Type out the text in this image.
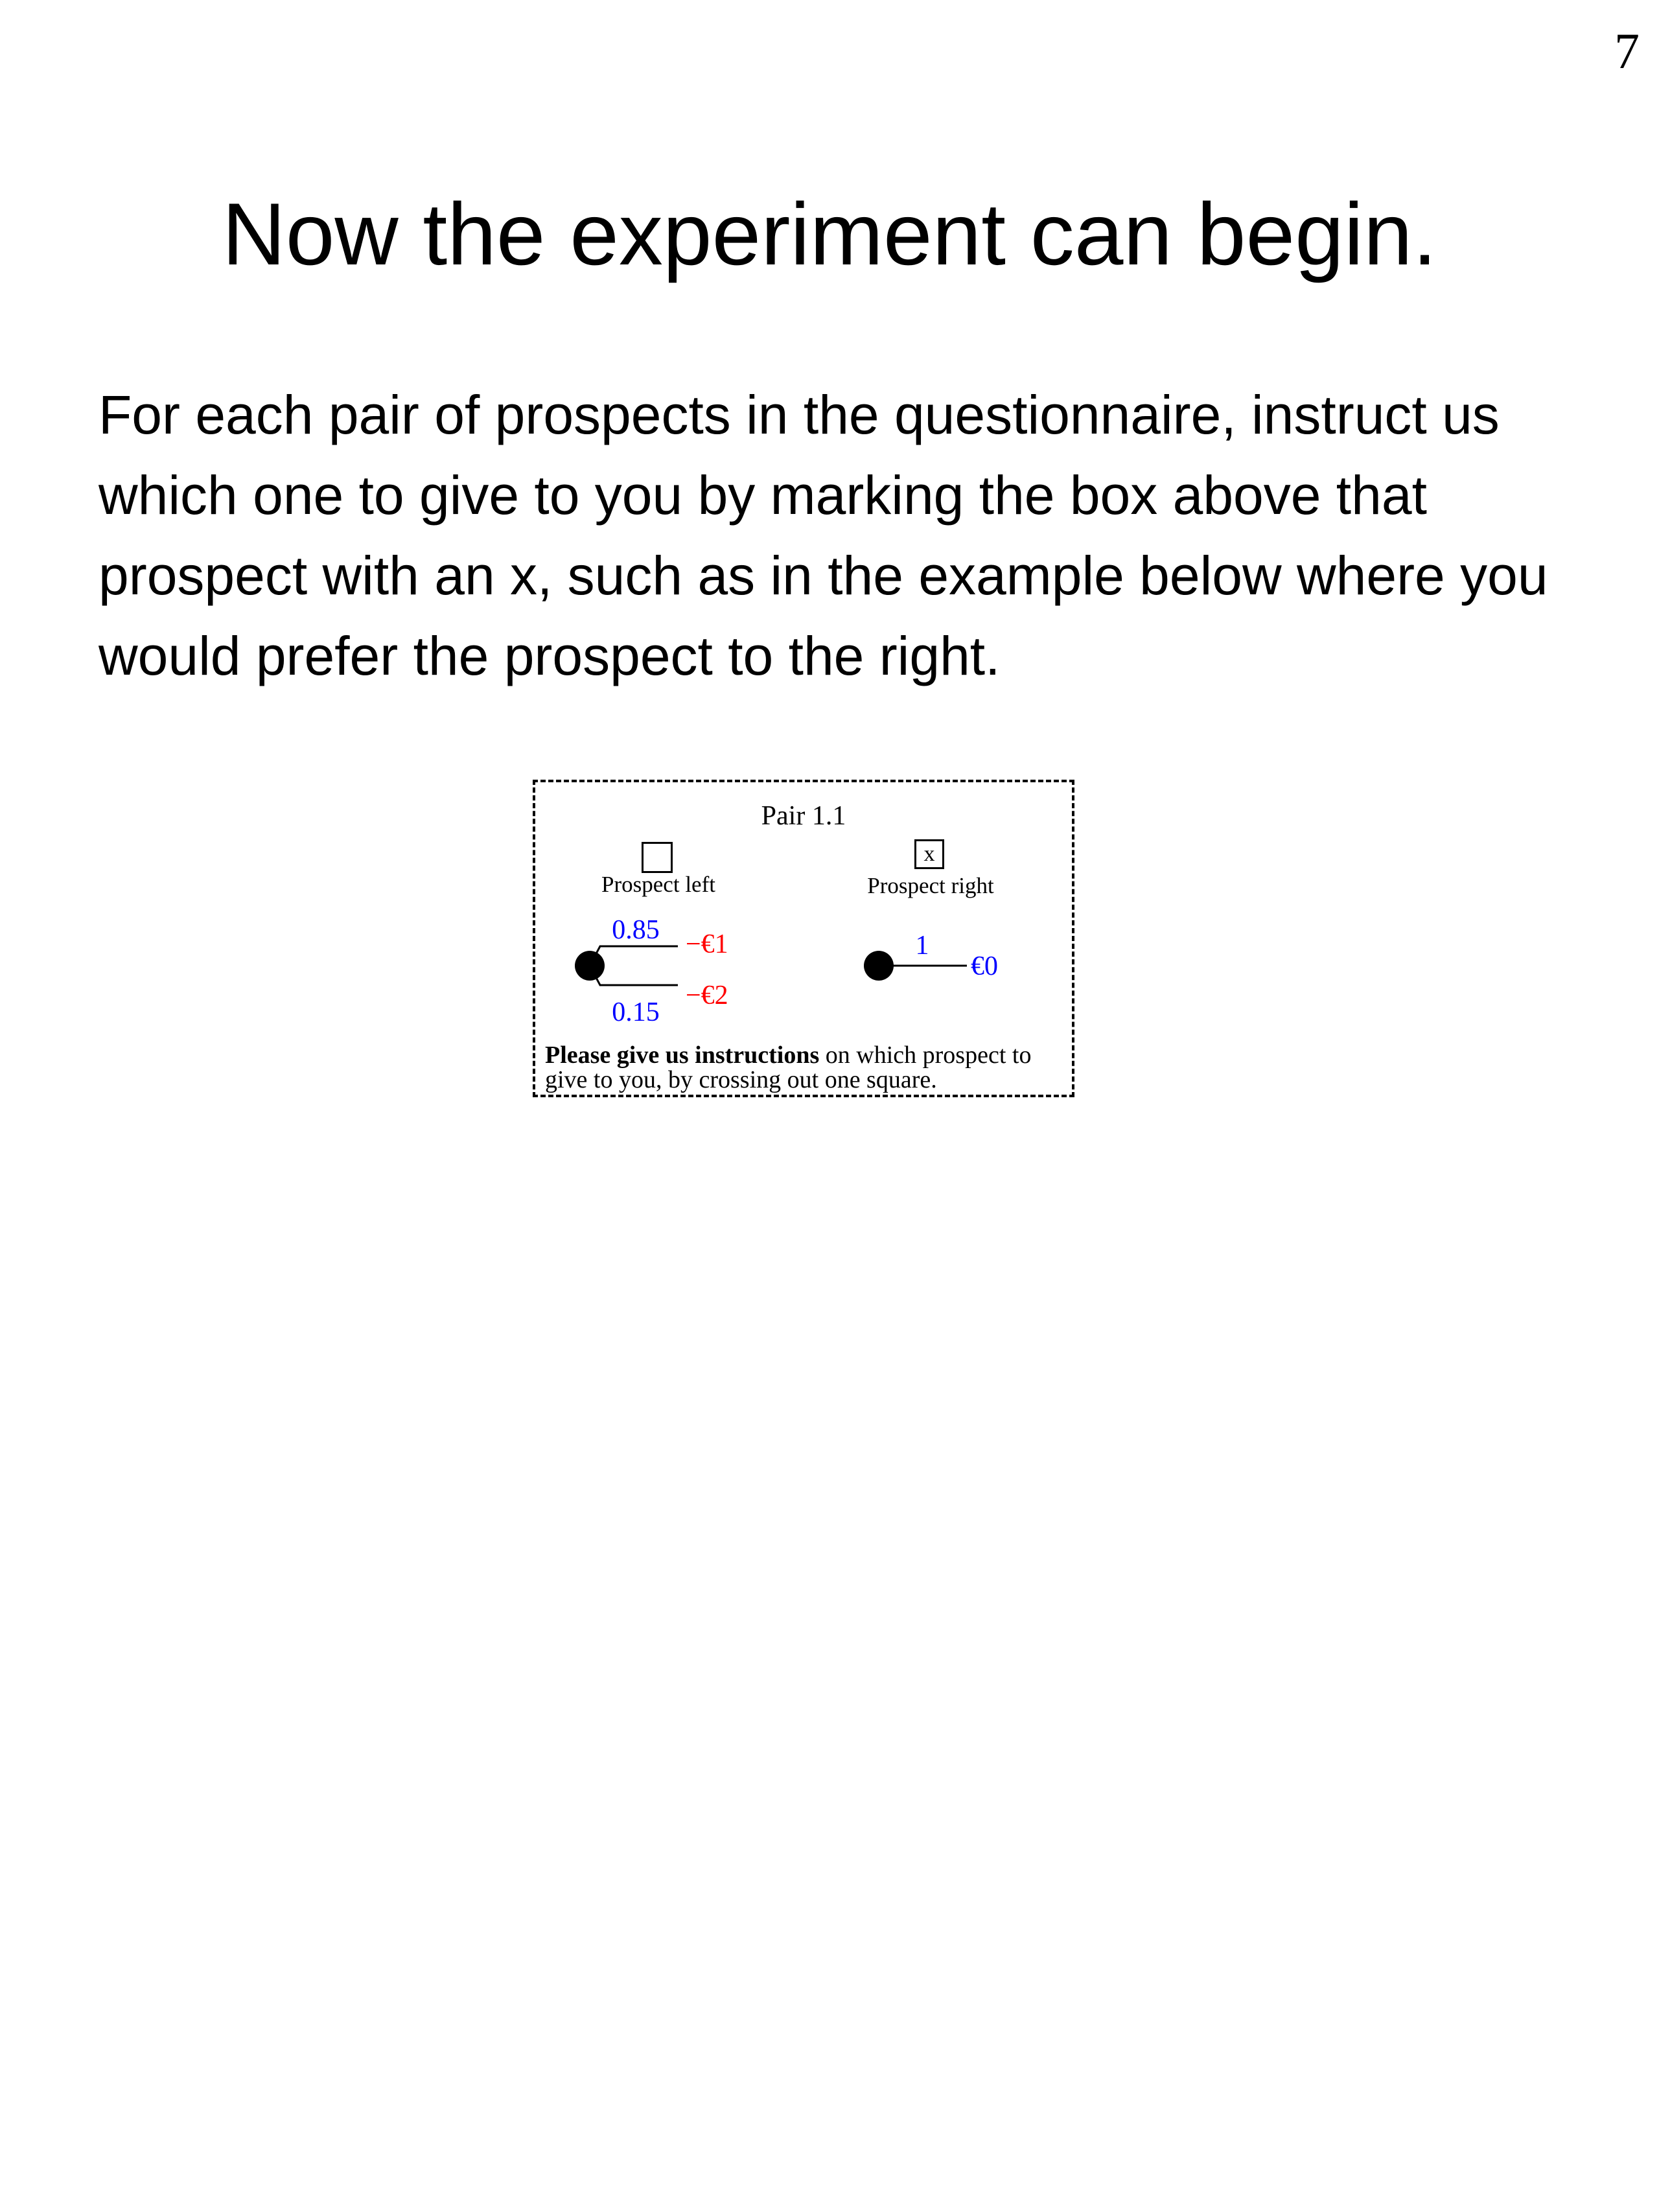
7
Now the experiment can begin.
For each pair of prospects in the questionnaire, instruct us which one to give to you by marking the box above that prospect with an x, such as in the example below where you would prefer the prospect to the right.
Pair 1.1
x
Prospect left	Prospect right
0.85
0.15
−€1
−€2
1
€0
Please give us instructions on which prospect to give to you, by crossing out one square.
